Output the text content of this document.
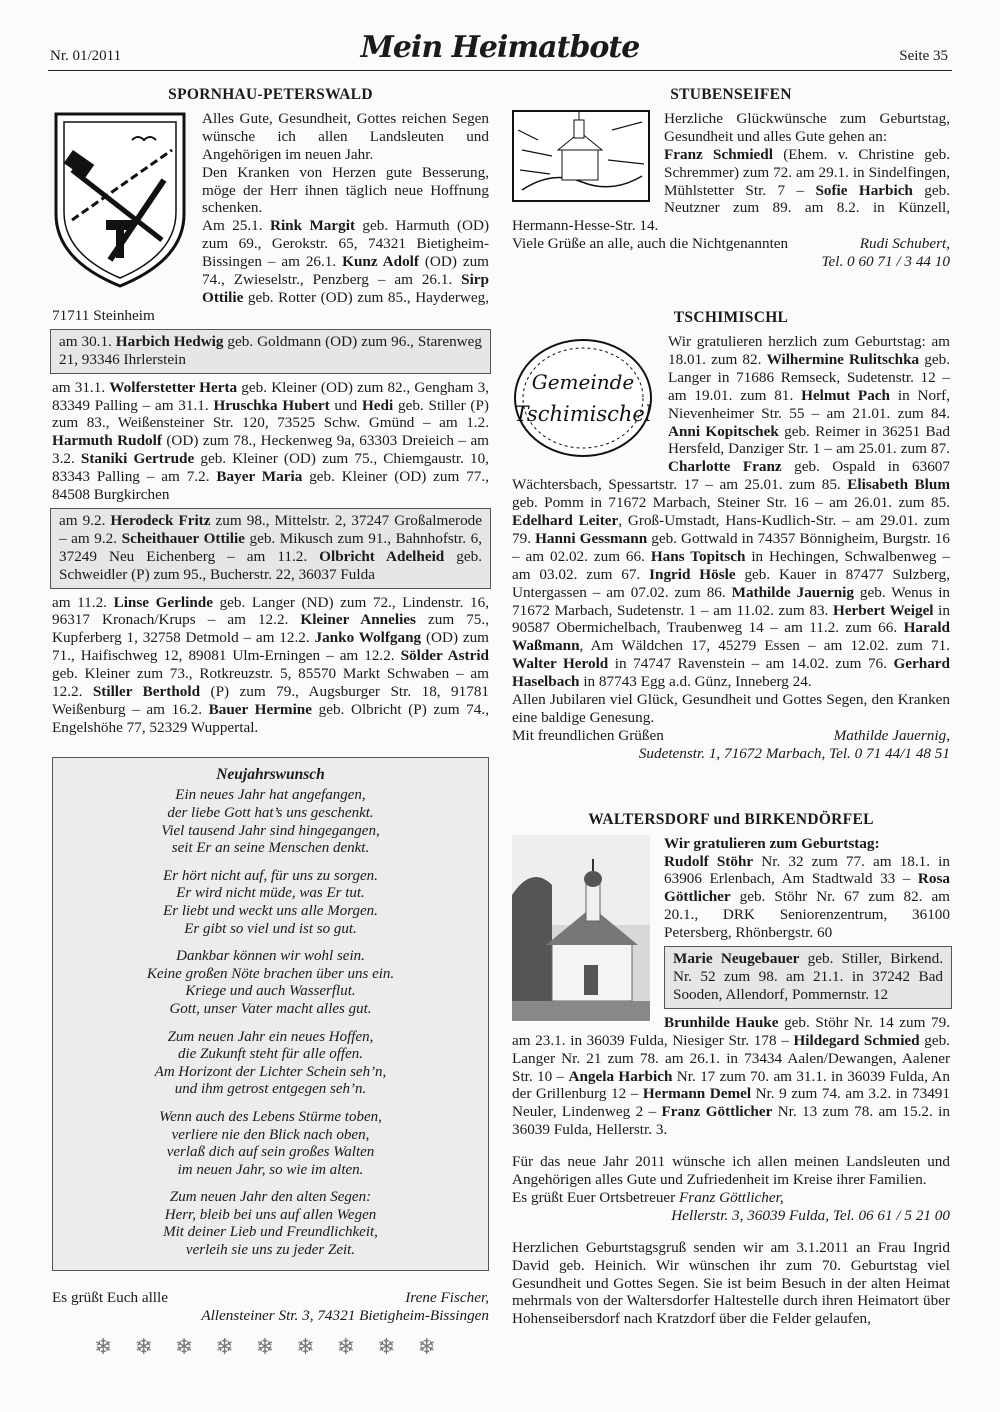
Nr. 01/2011	Mein Heimatbote	Seite 35
SPORNHAU-PETERSWALD

Alles Gute, Gesundheit, Gottes reichen Segen wünsche ich allen Landsleuten und Angehörigen im neuen Jahr.

Den Kranken von Herzen gute Besserung, möge der Herr ihnen täglich neue Hoffnung schenken.

Am 25.1. Rink Margit geb. Harmuth (OD) zum 69., Gerokstr. 65, 74321 Bietigheim-Bissingen – am 26.1. Kunz Adolf (OD) zum 74., Zwieselstr., Penzberg – am 26.1. Sirp Ottilie geb. Rotter (OD) zum 85., Hayderweg, 71711 Steinheim

am 30.1. Harbich Hedwig geb. Goldmann (OD) zum 96., Starenweg 21, 93346 Ihrlerstein

am 31.1. Wolferstetter Herta geb. Kleiner (OD) zum 82., Gengham 3, 83349 Palling – am 31.1. Hruschka Hubert und Hedi geb. Stiller (P) zum 83., Weißensteiner Str. 120, 73525 Schw. Gmünd – am 1.2. Harmuth Rudolf (OD) zum 78., Heckenweg 9a, 63303 Dreieich – am 3.2. Staniki Gertrude geb. Kleiner (OD) zum 75., Chiemgaustr. 10, 83343 Palling – am 7.2. Bayer Maria geb. Kleiner (OD) zum 77., 84508 Burgkirchen

am 9.2. Herodeck Fritz zum 98., Mittelstr. 2, 37247 Großalmerode – am 9.2. Scheithauer Ottilie geb. Mikusch zum 91., Bahnhofstr. 6, 37249 Neu Eichenberg – am 11.2. Olbricht Adelheid geb. Schweidler (P) zum 95., Bucherstr. 22, 36037 Fulda

am 11.2. Linse Gerlinde geb. Langer (ND) zum 72., Lindenstr. 16, 96317 Kronach/Krups – am 12.2. Kleiner Annelies zum 75., Kupferberg 1, 32758 Detmold – am 12.2. Janko Wolfgang (OD) zum 71., Haifischweg 12, 89081 Ulm-Erningen – am 12.2. Sölder Astrid geb. Kleiner zum 73., Rotkreuzstr. 5, 85570 Markt Schwaben – am 12.2. Stiller Berthold (P) zum 79., Augsburger Str. 18, 91781 Weißenburg – am 16.2. Bauer Hermine geb. Olbricht (P) zum 74., Engelshöhe 77, 52329 Wuppertal.

Neujahrswunsch
Ein neues Jahr hat angefangen,
der liebe Gott hat’s uns geschenkt.
Viel tausend Jahr sind hingegangen,
seit Er an seine Menschen denkt.
Er hört nicht auf, für uns zu sorgen.
Er wird nicht müde, was Er tut.
Er liebt und weckt uns alle Morgen.
Er gibt so viel und ist so gut.
Dankbar können wir wohl sein.
Keine großen Nöte brachen über uns ein.
Kriege und auch Wasserflut.
Gott, unser Vater macht alles gut.
Zum neuen Jahr ein neues Hoffen,
die Zukunft steht für alle offen.
Am Horizont der Lichter Schein seh’n,
und ihm getrost entgegen seh’n.
Wenn auch des Lebens Stürme toben,
verliere nie den Blick nach oben,
verlaß dich auf sein großes Walten
im neuen Jahr, so wie im alten.
Zum neuen Jahr den alten Segen:
Herr, bleib bei uns auf allen Wegen
Mit deiner Lieb und Freundlichkeit,
verleih sie uns zu jeder Zeit.
Es grüßt Euch allle	Irene Fischer,
Allensteiner Str. 3, 74321 Bietigheim-Bissingen
❄ ❄ ❄ ❄ ❄ ❄ ❄ ❄ ❄
STUBENSEIFEN

Herzliche Glückwünsche zum Geburtstag, Gesundheit und alles Gute gehen an:

Franz Schmiedl (Ehem. v. Christine geb. Schremmer) zum 72. am 29.1. in Sindelfingen, Mühlstetter Str. 7 – Sofie Harbich geb. Neutzner zum 89. am 8.2. in Künzell, Hermann-Hesse-Str. 14.

Viele Grüße an alle, auch die Nichtgenannten	Rudi Schubert,
Tel. 0 60 71 / 3 44 10
TSCHIMISCHL
Gemeinde
Tschimischel

Wir gratulieren herzlich zum Geburtstag: am 18.01. zum 82. Wilhermine Rulitschka geb. Langer in 71686 Remseck, Sudetenstr. 12 – am 19.01. zum 81. Helmut Pach in Norf, Nievenheimer Str. 55 – am 21.01. zum 84. Anni Kopitschek geb. Reimer in 36251 Bad Hersfeld, Danziger Str. 1 – am 25.01. zum 87. Charlotte Franz geb. Ospald in 63607 Wächtersbach, Spessartstr. 17 – am 25.01. zum 85. Elisabeth Blum geb. Pomm in 71672 Marbach, Steiner Str. 16 – am 26.01. zum 85. Edelhard Leiter, Groß-Umstadt, Hans-Kudlich-Str. – am 29.01. zum 79. Hanni Gessmann geb. Gottwald in 74357 Bönnigheim, Burgstr. 16 – am 02.02. zum 66. Hans Topitsch in Hechingen, Schwalbenweg – am 03.02. zum 67. Ingrid Hösle geb. Kauer in 87477 Sulzberg, Untergassen – am 07.02. zum 86. Mathilde Jauernig geb. Wenus in 71672 Marbach, Sudetenstr. 1 – am 11.02. zum 83. Herbert Weigel in 90587 Obermichelbach, Traubenweg 14 – am 11.2. zum 66. Harald Waßmann, Am Wäldchen 17, 45279 Essen – am 12.02. zum 71. Walter Herold in 74747 Ravenstein – am 14.02. zum 76. Gerhard Haselbach in 87743 Egg a.d. Günz, Inneberg 24.

Allen Jubilaren viel Glück, Gesundheit und Gottes Segen, den Kranken eine baldige Genesung.

Mit freundlichen Grüßen	Mathilde Jauernig,
Sudetenstr. 1, 71672 Marbach, Tel. 0 71 44/1 48 51
WALTERSDORF und BIRKENDÖRFEL

Wir gratulieren zum Geburtstag:
Rudolf Stöhr Nr. 32 zum 77. am 18.1. in 63906 Erlenbach, Am Stadtwald 33 – Rosa Göttlicher geb. Stöhr Nr. 67 zum 82. am 20.1., DRK Seniorenzentrum, 36100 Petersberg, Rhönbergstr. 60

Marie Neugebauer geb. Stiller, Birkend. Nr. 52 zum 98. am 21.1. in 37242 Bad Sooden, Allendorf, Pommernstr. 12

Brunhilde Hauke geb. Stöhr Nr. 14 zum 79. am 23.1. in 36039 Fulda, Niesiger Str. 178 – Hildegard Schmied geb. Langer Nr. 21 zum 78. am 26.1. in 73434 Aalen/Dewangen, Aalener Str. 10 – Angela Harbich Nr. 17 zum 70. am 31.1. in 36039 Fulda, An der Grillenburg 12 – Hermann Demel Nr. 9 zum 74. am 3.2. in 73491 Neuler, Lindenweg 2 – Franz Göttlicher Nr. 13 zum 78. am 15.2. in 36039 Fulda, Hellerstr. 3.

Für das neue Jahr 2011 wünsche ich allen meinen Landsleuten und Angehörigen alles Gute und Zufriedenheit im Kreise ihrer Familien.

Es grüßt Euer Ortsbetreuer Franz Göttlicher,

Hellerstr. 3, 36039 Fulda, Tel. 06 61 / 5 21 00

Herzlichen Geburtstagsgruß senden wir am 3.1.2011 an Frau Ingrid David geb. Heinich. Wir wünschen ihr zum 70. Geburtstag viel Gesundheit und Gottes Segen. Sie ist beim Besuch in der alten Heimat mehrmals von der Waltersdorfer Haltestelle durch ihren Heimatort über Hohenseibersdorf nach Kratzdorf über die Felder gelaufen,
